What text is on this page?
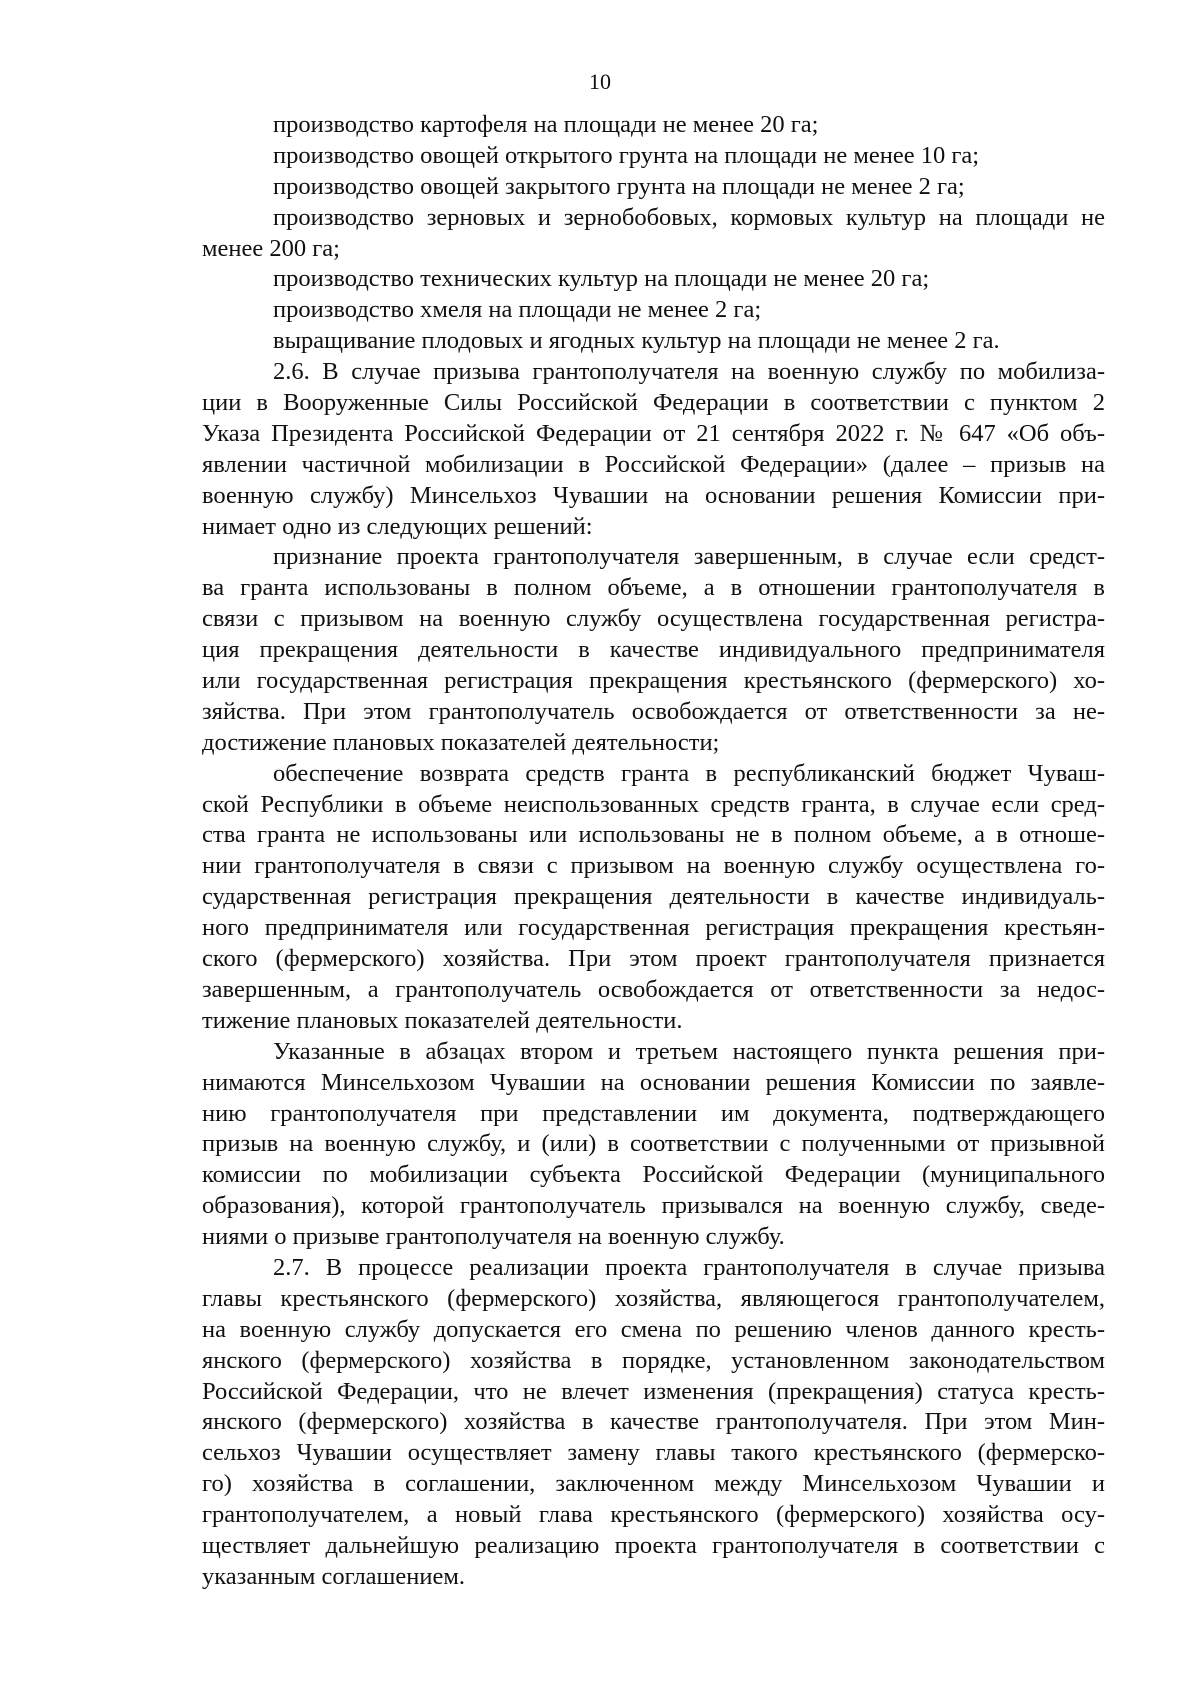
10
производство картофеля на площади не менее 20 га;
производство овощей открытого грунта на площади не менее 10 га;
производство овощей закрытого грунта на площади не менее 2 га;
производство зерновых и зернобобовых, кормовых культур на площади не
менее 200 га;
производство технических культур на площади не менее 20 га;
производство хмеля на площади не менее 2 га;
выращивание плодовых и ягодных культур на площади не менее 2 га.
2.6. В случае призыва грантополучателя на военную службу по мобилиза-
ции в Вооруженные Силы Российской Федерации в соответствии с пунктом 2
Указа Президента Российской Федерации от 21 сентября 2022 г. № 647 «Об объ-
явлении частичной мобилизации в Российской Федерации» (далее – призыв на
военную службу) Минсельхоз Чувашии на основании решения Комиссии при-
нимает одно из следующих решений:
признание проекта грантополучателя завершенным, в случае если средст-
ва гранта использованы в полном объеме, а в отношении грантополучателя в
связи с призывом на военную службу осуществлена государственная регистра-
ция прекращения деятельности в качестве индивидуального предпринимателя
или государственная регистрация прекращения крестьянского (фермерского) хо-
зяйства. При этом грантополучатель освобождается от ответственности за не-
достижение плановых показателей деятельности;
обеспечение возврата средств гранта в республиканский бюджет Чуваш-
ской Республики в объеме неиспользованных средств гранта, в случае если сред-
ства гранта не использованы или использованы не в полном объеме, а в отноше-
нии грантополучателя в связи с призывом на военную службу осуществлена го-
сударственная регистрация прекращения деятельности в качестве индивидуаль-
ного предпринимателя или государственная регистрация прекращения крестьян-
ского (фермерского) хозяйства. При этом проект грантополучателя признается
завершенным, а грантополучатель освобождается от ответственности за недос-
тижение плановых показателей деятельности.
Указанные в абзацах втором и третьем настоящего пункта решения при-
нимаются Минсельхозом Чувашии на основании решения Комиссии по заявле-
нию грантополучателя при представлении им документа, подтверждающего
призыв на военную службу, и (или) в соответствии с полученными от призывной
комиссии по мобилизации субъекта Российской Федерации (муниципального
образования), которой грантополучатель призывался на военную службу, сведе-
ниями о призыве грантополучателя на военную службу.
2.7. В процессе реализации проекта грантополучателя в случае призыва
главы крестьянского (фермерского) хозяйства, являющегося грантополучателем,
на военную службу допускается его смена по решению членов данного кресть-
янского (фермерского) хозяйства в порядке, установленном законодательством
Российской Федерации, что не влечет изменения (прекращения) статуса кресть-
янского (фермерского) хозяйства в качестве грантополучателя. При этом Мин-
сельхоз Чувашии осуществляет замену главы такого крестьянского (фермерско-
го) хозяйства в соглашении, заключенном между Минсельхозом Чувашии и
грантополучателем, а новый глава крестьянского (фермерского) хозяйства осу-
ществляет дальнейшую реализацию проекта грантополучателя в соответствии с
указанным соглашением.
